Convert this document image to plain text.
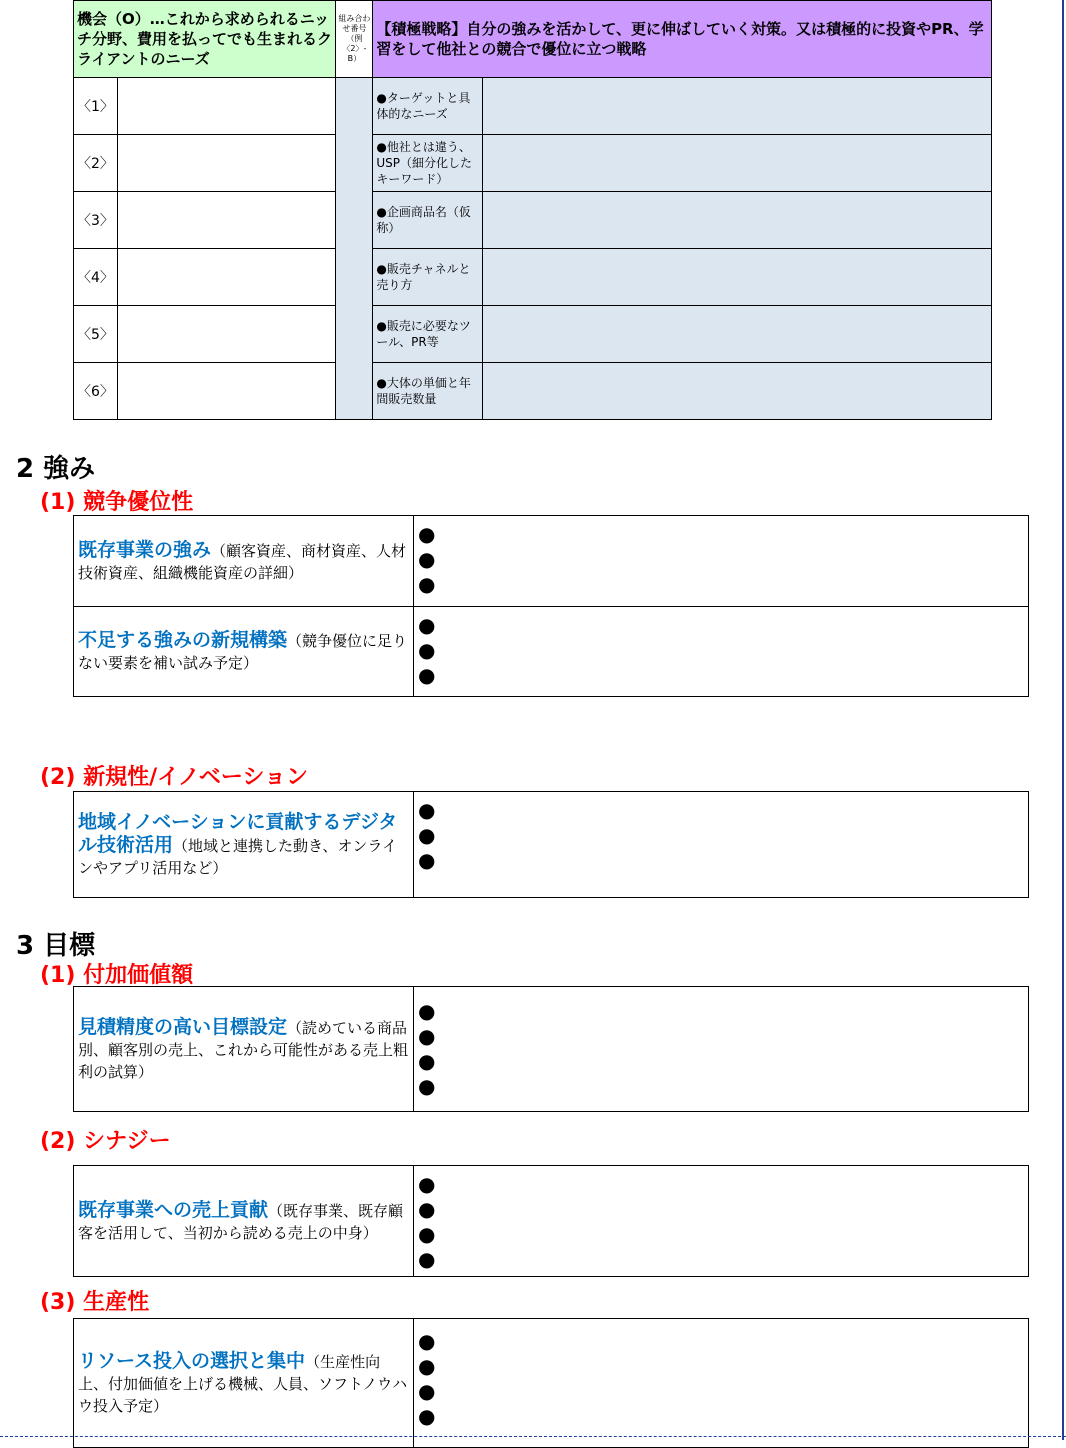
機会（O）…これから求められるニッチ分野、費用を払ってでも生まれるクライアントのニーズ		組み合わせ番号（例〈2〉- B）	【積極戦略】自分の強みを活かして、更に伸ばしていく対策。又は積極的に投資やPR、学習をして他社との競合で優位に立つ戦略	
〈1〉			●ターゲットと具体的なニーズ	
〈2〉			●他社とは違う、USP（細分化したキーワード）	
〈3〉			●企画商品名（仮称）	
〈4〉			●販売チャネルと売り方	
〈5〉			●販売に必要なツール、PR等	
〈6〉			●大体の単価と年間販売数量	
2 強み
(1) 競争優位性
既存事業の強み（顧客資産、商材資産、人材技術資産、組織機能資産の詳細）
●
●
●
不足する強みの新規構築（競争優位に足りない要素を補い試み予定）
●
●
●
(2) 新規性/イノベーション
地域イノベーションに貢献するデジタル技術活用（地域と連携した動き、オンラインやアプリ活用など）
●
●
●
3 目標
(1) 付加価値額
見積精度の高い目標設定（読めている商品別、顧客別の売上、これから可能性がある売上粗利の試算）
●
●
●
●
(2) シナジー
既存事業への売上貢献（既存事業、既存顧客を活用して、当初から読める売上の中身）
●
●
●
●
(3) 生産性
リソース投入の選択と集中（生産性向上、付加価値を上げる機械、人員、ソフトノウハウ投入予定）
●
●
●
●
